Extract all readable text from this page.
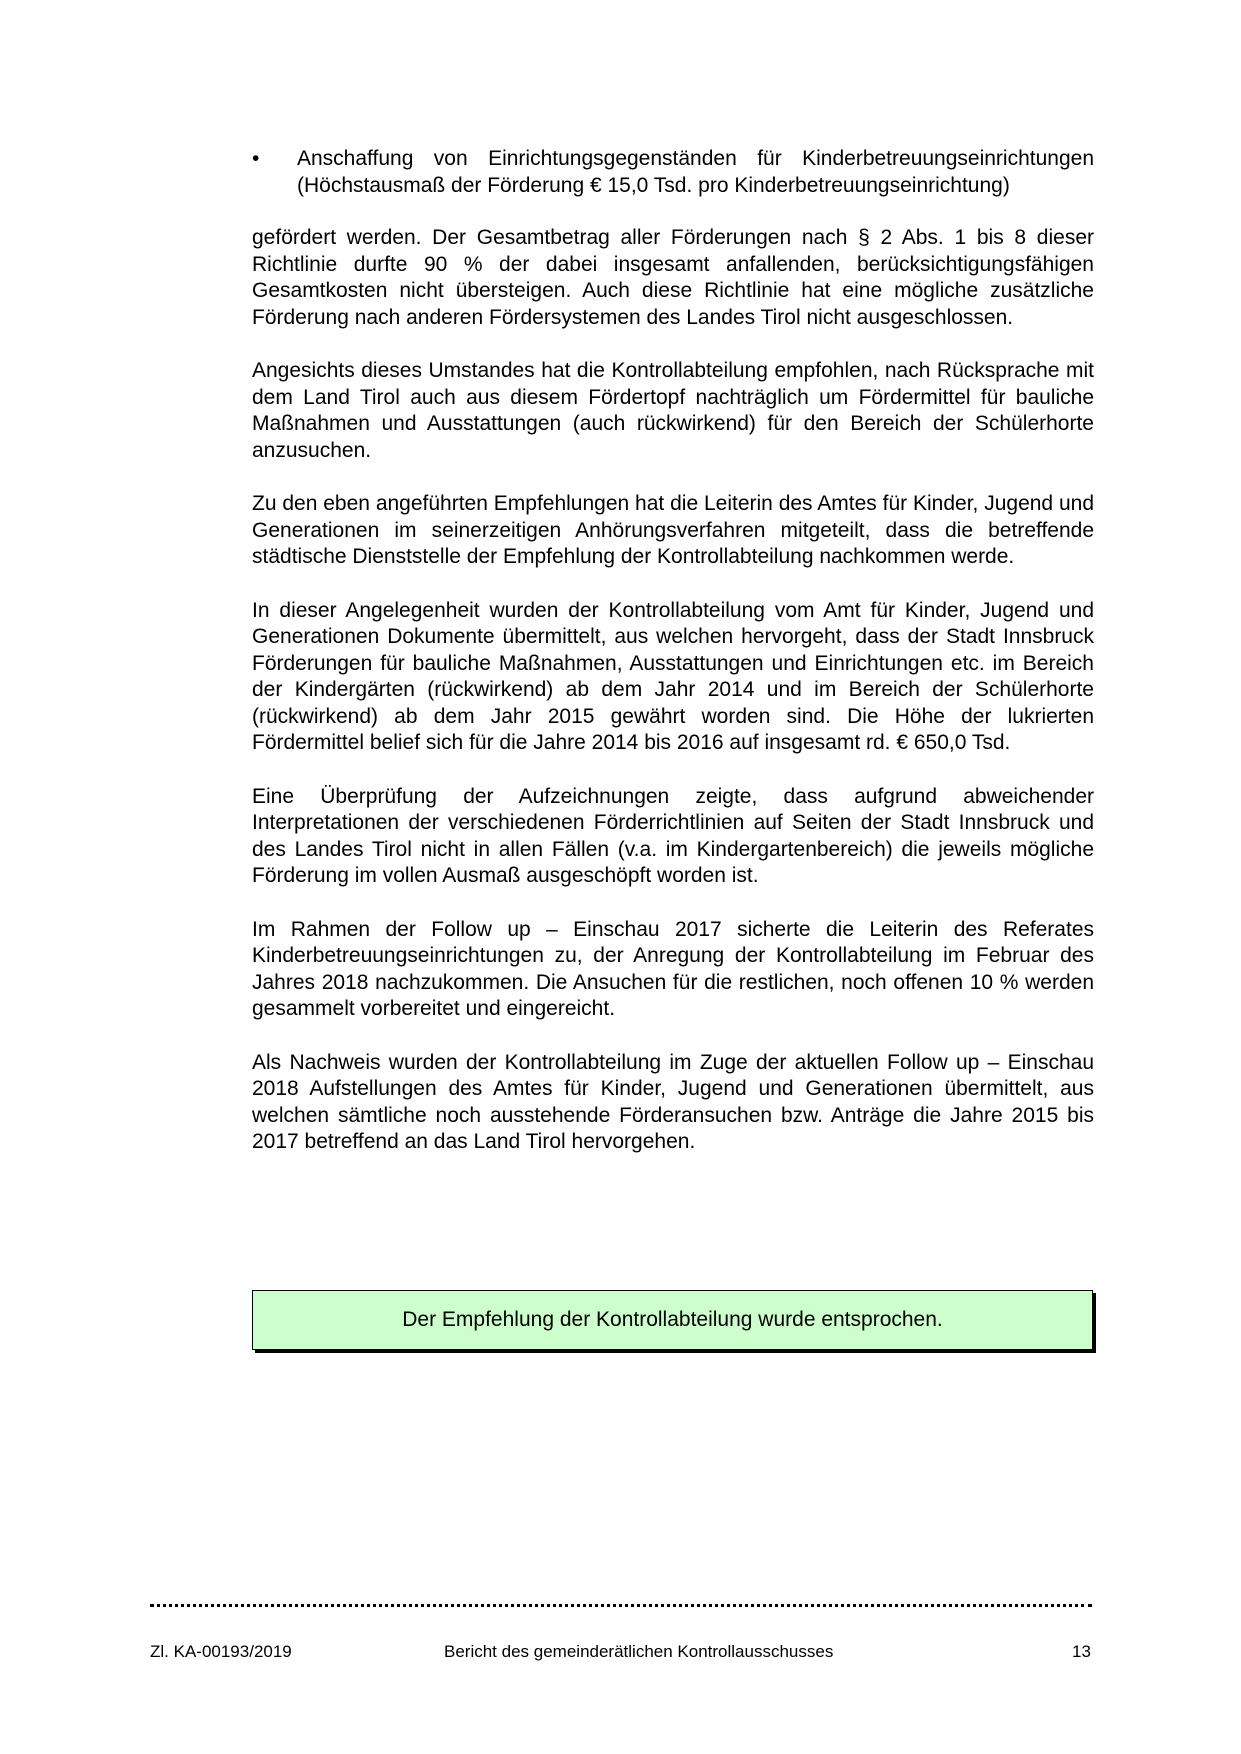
• Anschaffung von Einrichtungsgegenständen für Kinderbetreuungseinrichtungen (Höchstausmaß der Förderung € 15,0 Tsd. pro Kinderbetreuungseinrichtung)

gefördert werden. Der Gesamtbetrag aller Förderungen nach § 2 Abs. 1 bis 8 dieser Richtlinie durfte 90 % der dabei insgesamt anfallenden, berücksichtigungsfähigen Gesamtkosten nicht übersteigen. Auch diese Richtlinie hat eine mögliche zusätzliche Förderung nach anderen Fördersystemen des Landes Tirol nicht ausgeschlossen.

Angesichts dieses Umstandes hat die Kontrollabteilung empfohlen, nach Rücksprache mit dem Land Tirol auch aus diesem Fördertopf nachträglich um Fördermittel für bauliche Maßnahmen und Ausstattungen (auch rückwirkend) für den Bereich der Schülerhorte anzusuchen.

Zu den eben angeführten Empfehlungen hat die Leiterin des Amtes für Kinder, Jugend und Generationen im seinerzeitigen Anhörungsverfahren mitgeteilt, dass die betreffende städtische Dienststelle der Empfehlung der Kontrollabteilung nachkommen werde.

In dieser Angelegenheit wurden der Kontrollabteilung vom Amt für Kinder, Jugend und Generationen Dokumente übermittelt, aus welchen hervorgeht, dass der Stadt Innsbruck Förderungen für bauliche Maßnahmen, Ausstattungen und Einrichtungen etc. im Bereich der Kindergärten (rückwirkend) ab dem Jahr 2014 und im Bereich der Schülerhorte (rückwirkend) ab dem Jahr 2015 gewährt worden sind. Die Höhe der lukrierten Fördermittel belief sich für die Jahre 2014 bis 2016 auf insgesamt rd. € 650,0 Tsd.

Eine Überprüfung der Aufzeichnungen zeigte, dass aufgrund abweichender Interpretationen der verschiedenen Förderrichtlinien auf Seiten der Stadt Innsbruck und des Landes Tirol nicht in allen Fällen (v.a. im Kindergartenbereich) die jeweils mögliche Förderung im vollen Ausmaß ausgeschöpft worden ist.

Im Rahmen der Follow up – Einschau 2017 sicherte die Leiterin des Referates Kinderbetreuungseinrichtungen zu, der Anregung der Kontrollabteilung im Februar des Jahres 2018 nachzukommen. Die Ansuchen für die restlichen, noch offenen 10 % werden gesammelt vorbereitet und eingereicht.

Als Nachweis wurden der Kontrollabteilung im Zuge der aktuellen Follow up – Einschau 2018 Aufstellungen des Amtes für Kinder, Jugend und Generationen übermittelt, aus welchen sämtliche noch ausstehende Förderansuchen bzw. Anträge die Jahre 2015 bis 2017 betreffend an das Land Tirol hervorgehen.

Der Empfehlung der Kontrollabteilung wurde entsprochen.
Zl. KA-00193/2019	Bericht des gemeinderätlichen Kontrollausschusses	13
